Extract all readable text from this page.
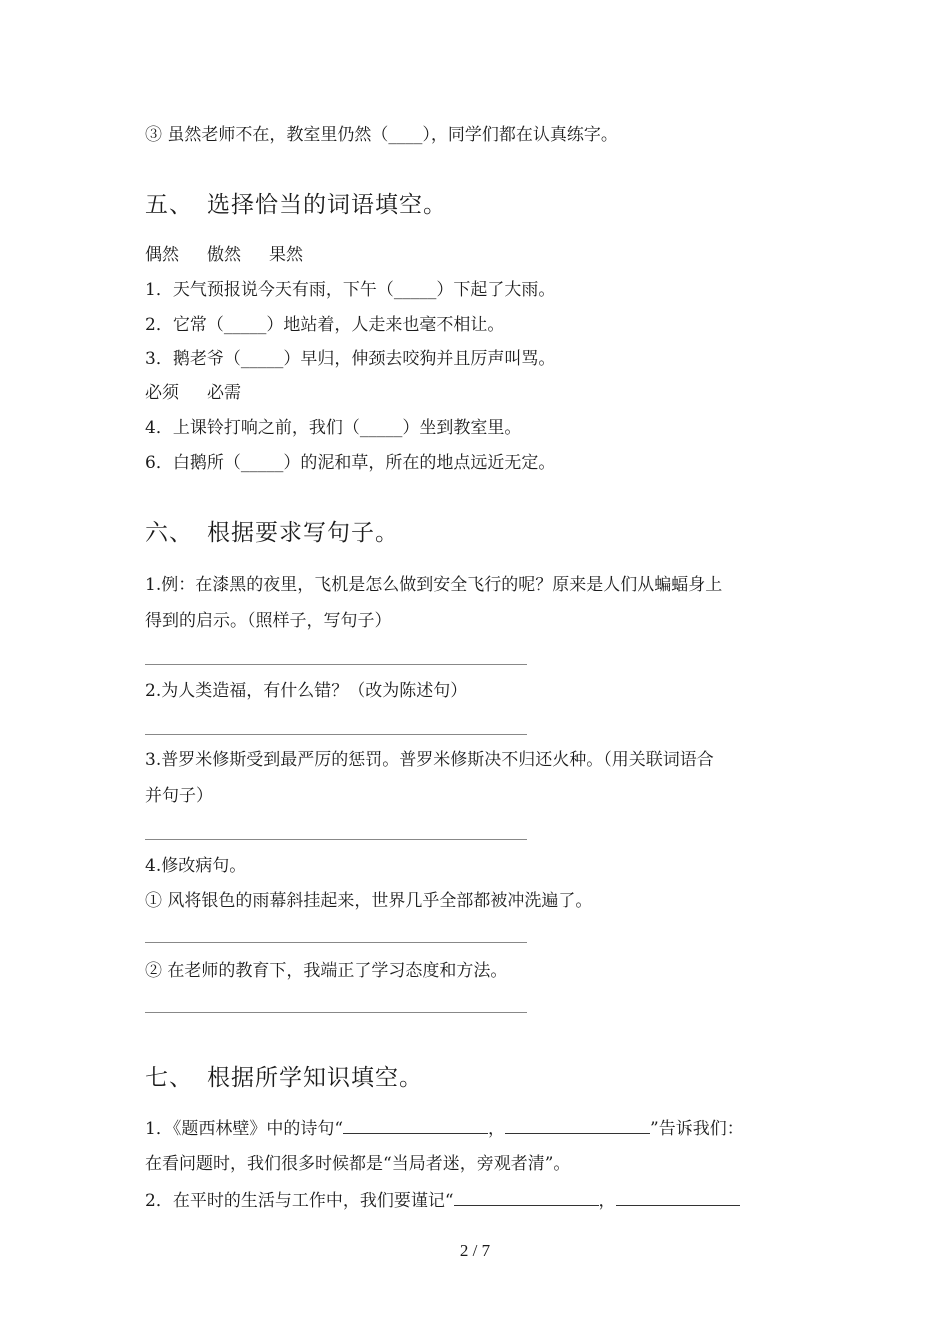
③ 虽然老师不在，教室里仍然（____），同学们都在认真练字。
五、 选择恰当的词语填空。
偶然 傲然 果然
1．天气预报说今天有雨，下午（_____）下起了大雨。
2．它常（_____）地站着，人走来也毫不相让。
3．鹅老爷（_____）早归，伸颈去咬狗并且厉声叫骂。
必须 必需
4．上课铃打响之前，我们（_____）坐到教室里。
6．白鹅所（_____）的泥和草，所在的地点远近无定。
六、 根据要求写句子。
1.例：在漆黑的夜里，飞机是怎么做到安全飞行的呢？原来是人们从蝙蝠身上
得到的启示。（照样子，写句子）
2.为人类造福，有什么错？（改为陈述句）
3.普罗米修斯受到最严厉的惩罚。普罗米修斯决不归还火种。（用关联词语合
并句子）
4.修改病句。
① 风将银色的雨幕斜挂起来，世界几乎全部都被冲洗遍了。
② 在老师的教育下，我端正了学习态度和方法。
七、 根据所学知识填空。
1．《题西林壁》中的诗句“	，	”告诉我们：
在看问题时，我们很多时候都是“当局者迷，旁观者清”。
2．在平时的生活与工作中，我们要谨记“	，
2 / 7
